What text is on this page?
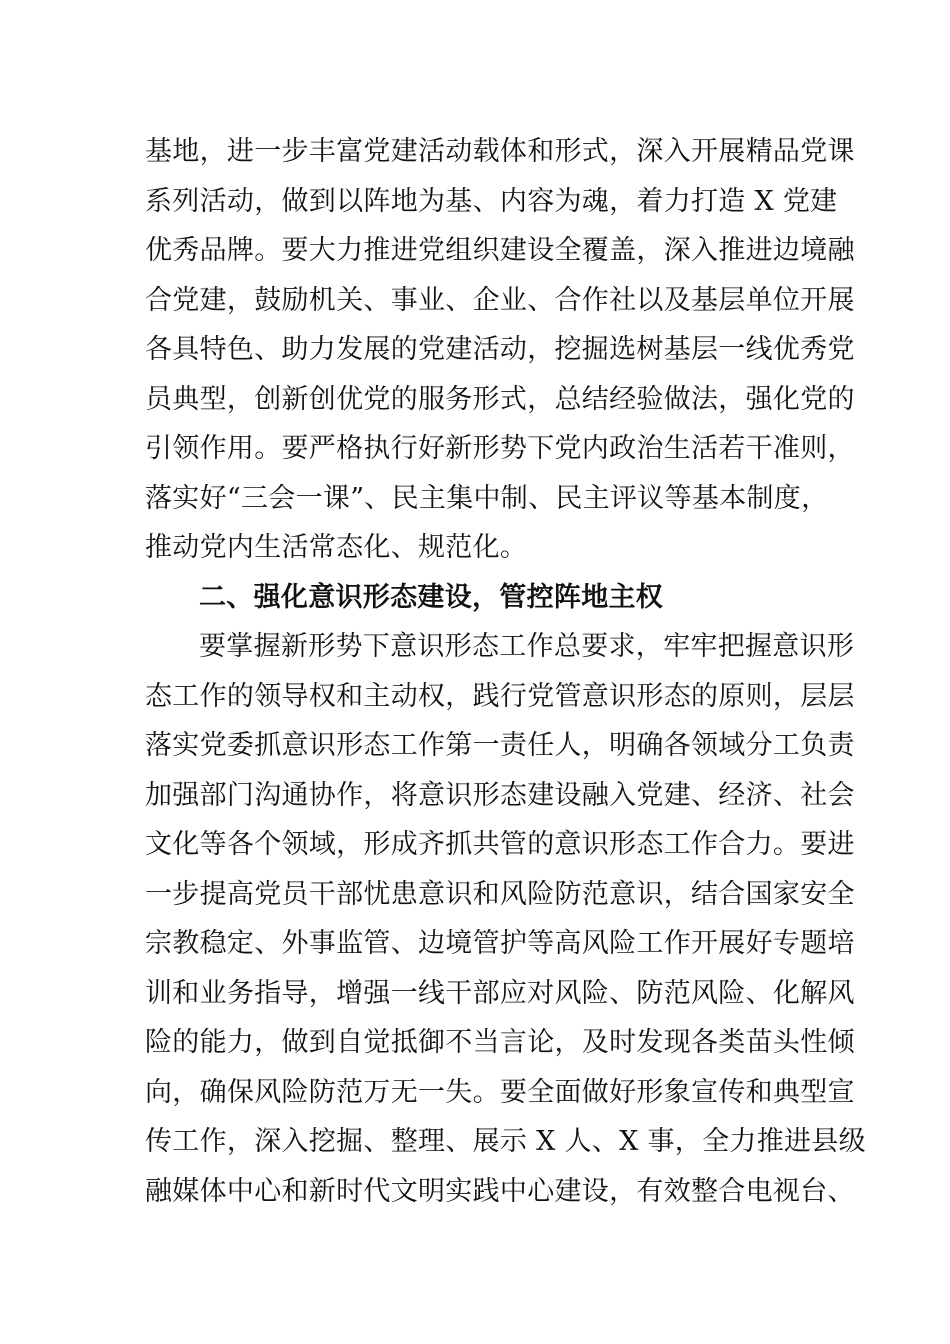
基地，进一步丰富党建活动载体和形式，深入开展精品党课
系列活动，做到以阵地为基、内容为魂，着力打造 X 党建
优秀品牌。要大力推进党组织建设全覆盖，深入推进边境融
合党建，鼓励机关、事业、企业、合作社以及基层单位开展
各具特色、助力发展的党建活动，挖掘选树基层一线优秀党
员典型，创新创优党的服务形式，总结经验做法，强化党的
引领作用。要严格执行好新形势下党内政治生活若干准则，
落实好“三会一课”、民主集中制、民主评议等基本制度，
推动党内生活常态化、规范化。
二、强化意识形态建设，管控阵地主权
要掌握新形势下意识形态工作总要求，牢牢把握意识形
态工作的领导权和主动权，践行党管意识形态的原则，层层
落实党委抓意识形态工作第一责任人，明确各领域分工负责
加强部门沟通协作，将意识形态建设融入党建、经济、社会
文化等各个领域，形成齐抓共管的意识形态工作合力。要进
一步提高党员干部忧患意识和风险防范意识，结合国家安全
宗教稳定、外事监管、边境管护等高风险工作开展好专题培
训和业务指导，增强一线干部应对风险、防范风险、化解风
险的能力，做到自觉抵御不当言论，及时发现各类苗头性倾
向，确保风险防范万无一失。要全面做好形象宣传和典型宣
传工作，深入挖掘、整理、展示 X 人、X 事，全力推进县级
融媒体中心和新时代文明实践中心建设，有效整合电视台、
